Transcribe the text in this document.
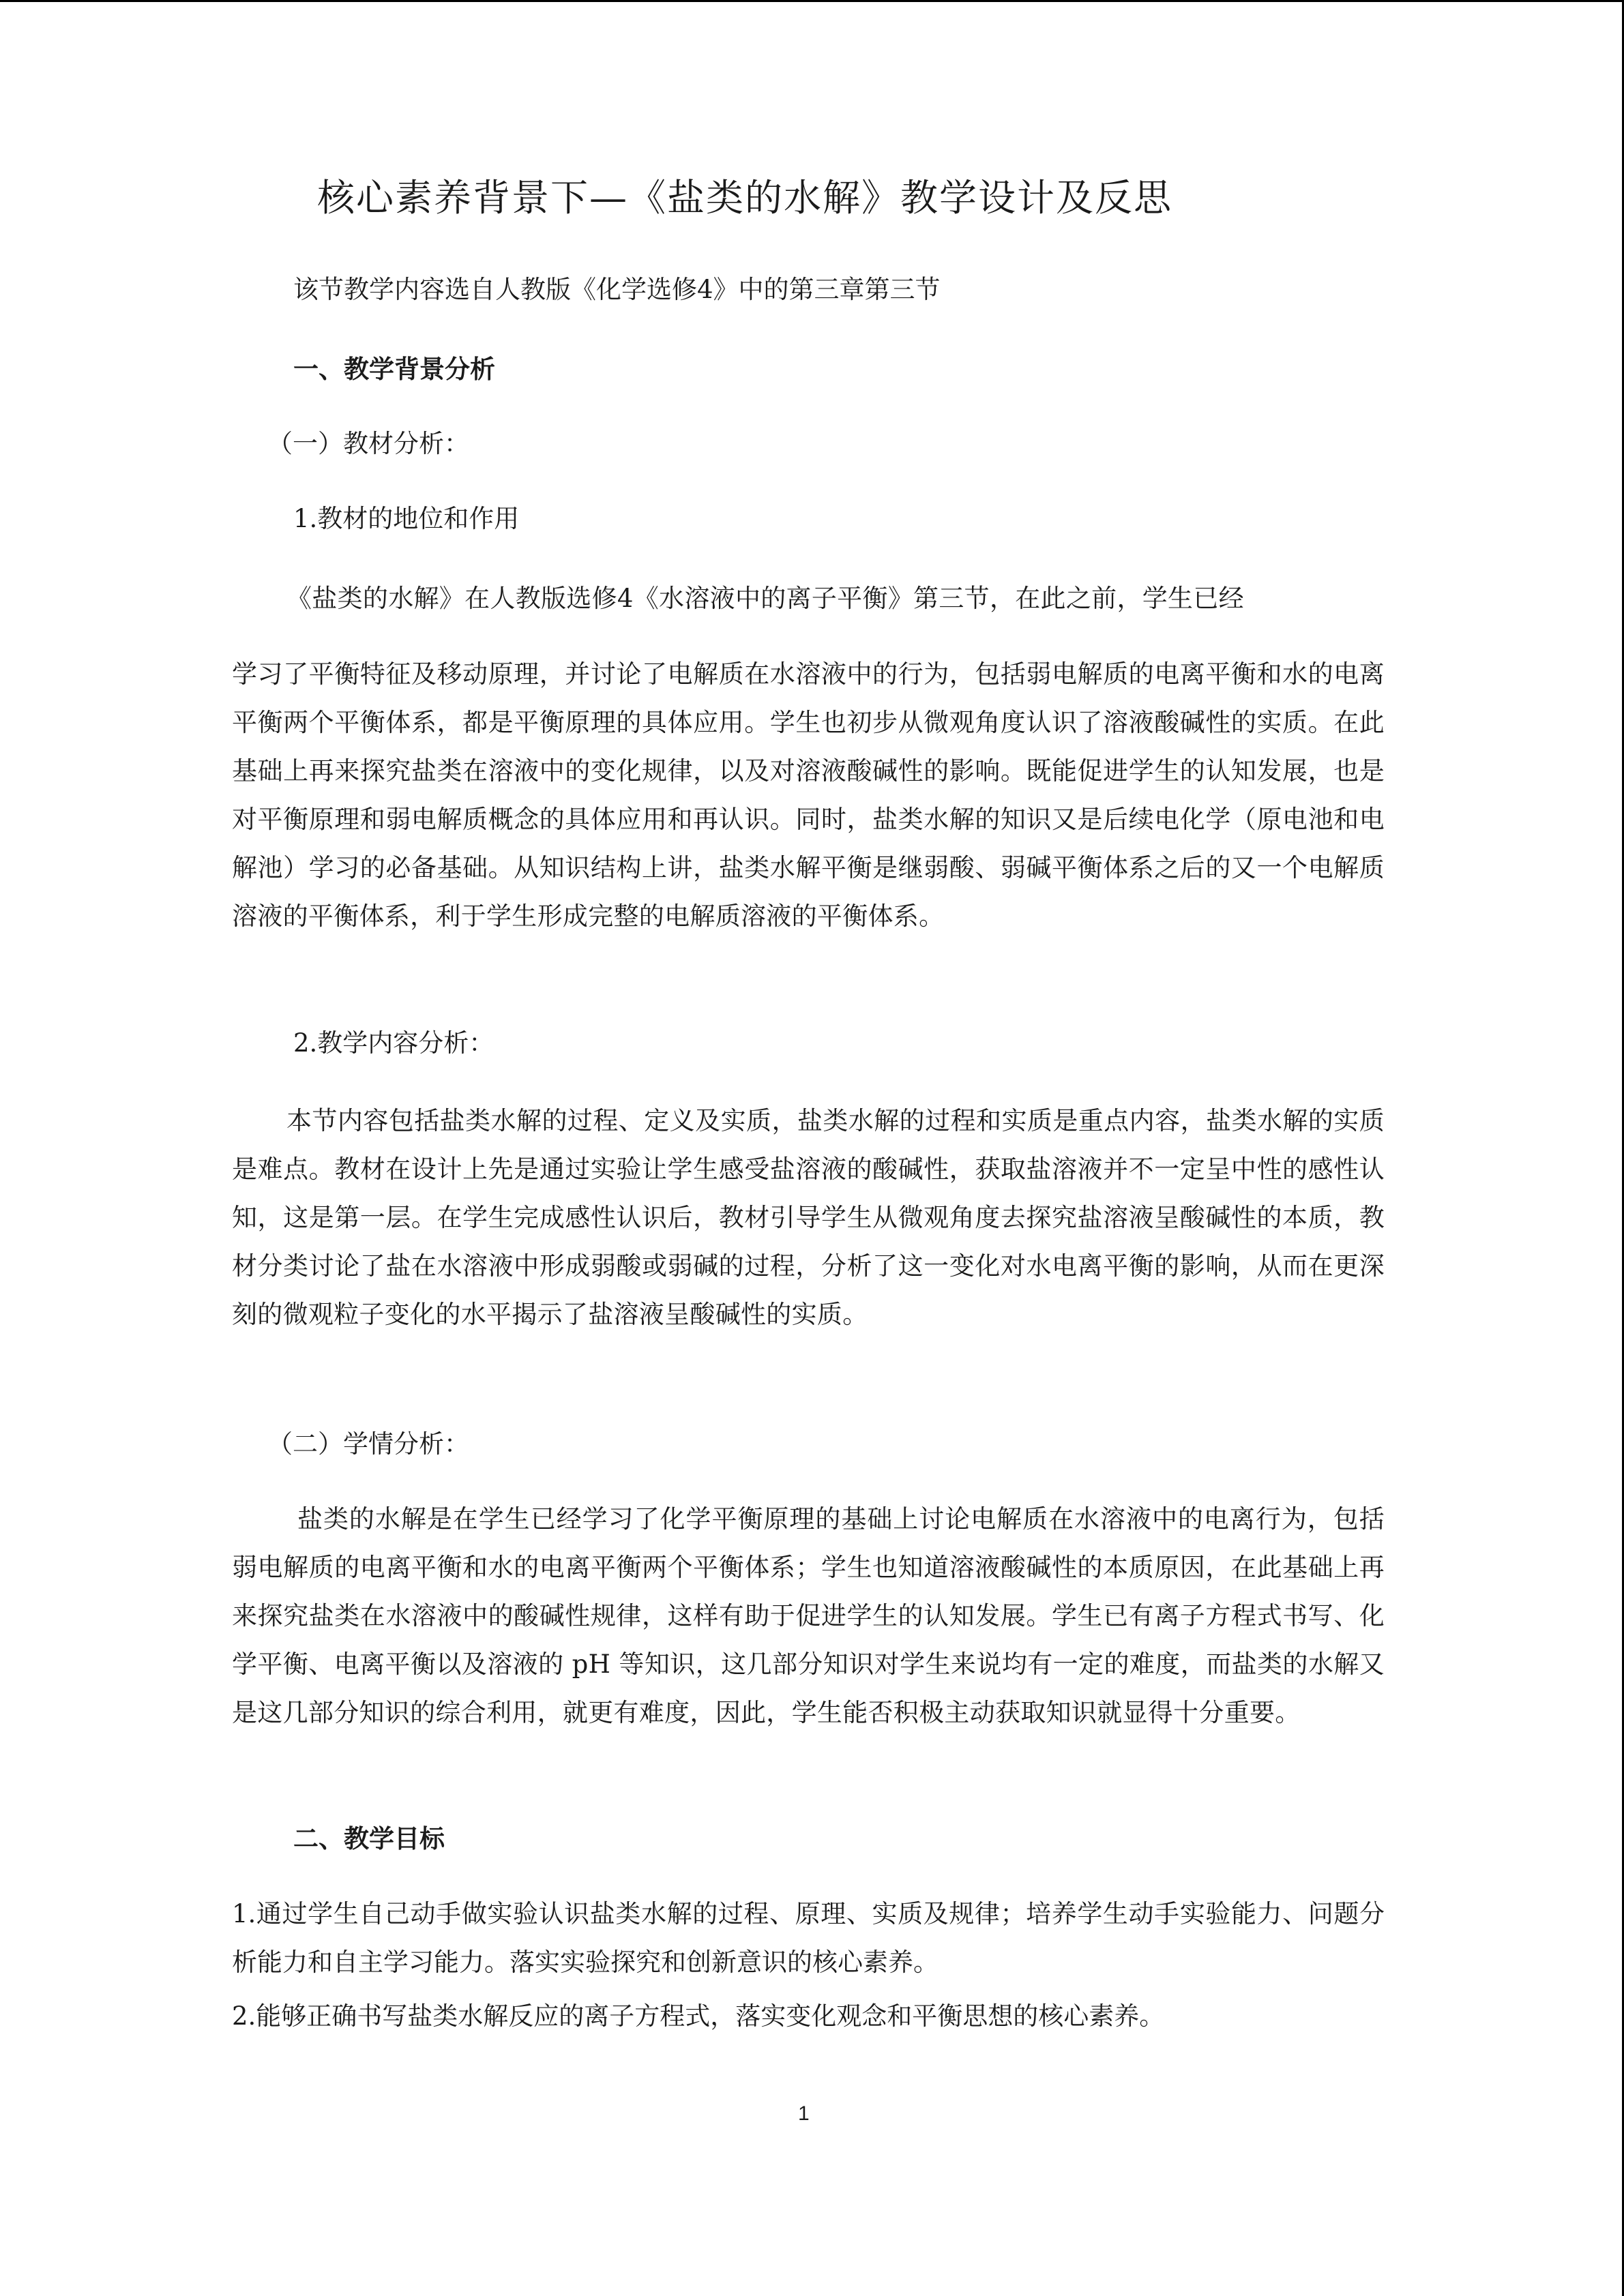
核心素养背景下—《盐类的水解》教学设计及反思
该节教学内容选自人教版《化学选修4》中的第三章第三节
一、教学背景分析
（一）教材分析：
1.教材的地位和作用
《盐类的水解》在人教版选修4《水溶液中的离子平衡》第三节，在此之前，学生已经
学习了平衡特征及移动原理，并讨论了电解质在水溶液中的行为，包括弱电解质的电离平衡和水的电离平衡两个平衡体系，都是平衡原理的具体应用。学生也初步从微观角度认识了溶液酸碱性的实质。在此基础上再来探究盐类在溶液中的变化规律，以及对溶液酸碱性的影响。既能促进学生的认知发展，也是对平衡原理和弱电解质概念的具体应用和再认识。同时，盐类水解的知识又是后续电化学（原电池和电解池）学习的必备基础。从知识结构上讲，盐类水解平衡是继弱酸、弱碱平衡体系之后的又一个电解质溶液的平衡体系，利于学生形成完整的电解质溶液的平衡体系。
2.教学内容分析：
本节内容包括盐类水解的过程、定义及实质，盐类水解的过程和实质是重点内容，盐类水解的实质是难点。教材在设计上先是通过实验让学生感受盐溶液的酸碱性，获取盐溶液并不一定呈中性的感性认知，这是第一层。在学生完成感性认识后，教材引导学生从微观角度去探究盐溶液呈酸碱性的本质，教材分类讨论了盐在水溶液中形成弱酸或弱碱的过程，分析了这一变化对水电离平衡的影响，从而在更深刻的微观粒子变化的水平揭示了盐溶液呈酸碱性的实质。
（二）学情分析：
盐类的水解是在学生已经学习了化学平衡原理的基础上讨论电解质在水溶液中的电离行为，包括弱电解质的电离平衡和水的电离平衡两个平衡体系；学生也知道溶液酸碱性的本质原因，在此基础上再来探究盐类在水溶液中的酸碱性规律，这样有助于促进学生的认知发展。学生已有离子方程式书写、化学平衡、电离平衡以及溶液的 pH 等知识，这几部分知识对学生来说均有一定的难度，而盐类的水解又是这几部分知识的综合利用，就更有难度，因此，学生能否积极主动获取知识就显得十分重要。
二、教学目标
1.通过学生自己动手做实验认识盐类水解的过程、原理、实质及规律；培养学生动手实验能力、问题分析能力和自主学习能力。落实实验探究和创新意识的核心素养。
2.能够正确书写盐类水解反应的离子方程式，落实变化观念和平衡思想的核心素养。
1
